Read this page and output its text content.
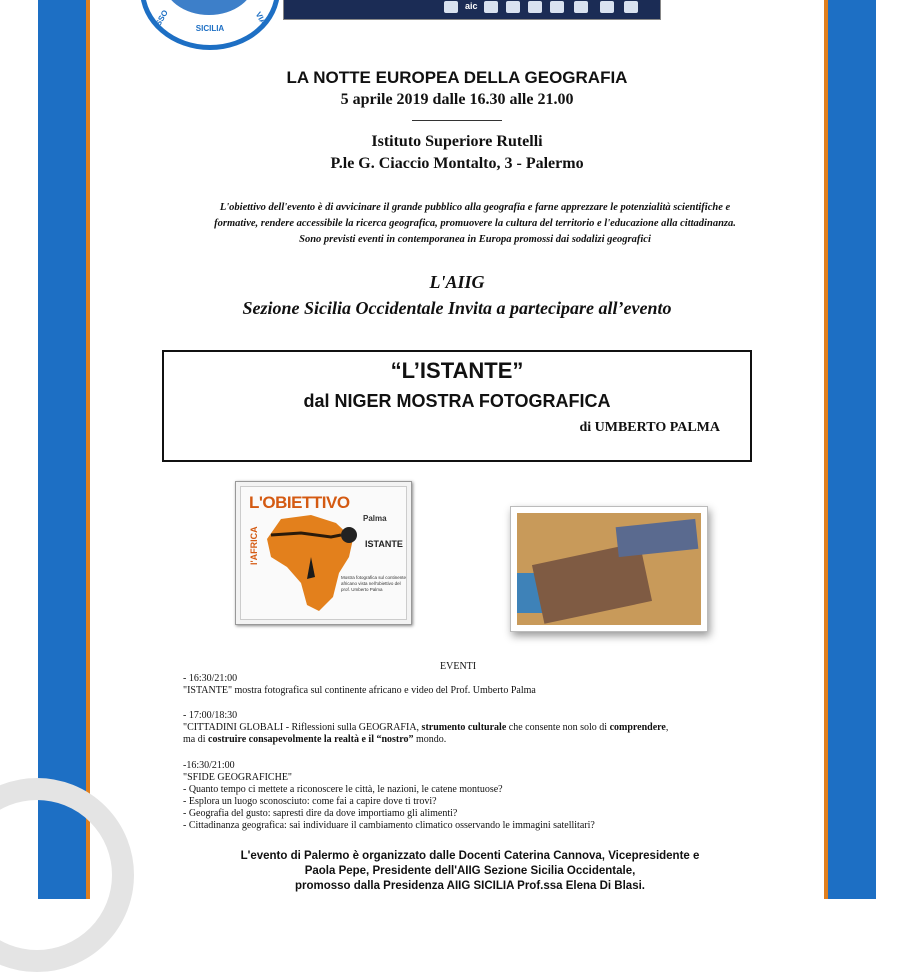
ASSO	VIAL
SICILIA
aic

LA NOTTE EUROPEA DELLA GEOGRAFIA

5 aprile 2019 dalle 16.30 alle 21.00

Istituto Superiore Rutelli

P.le G. Ciaccio Montalto, 3 - Palermo

L'obiettivo dell'evento è di avvicinare il grande pubblico alla geografia e farne apprezzare le potenzialità scientifiche e
formative, rendere accessibile la ricerca geografica, promuovere la cultura del territorio e l'educazione alla cittadinanza.
Sono previsti eventi in contemporanea in Europa promossi dai sodalizi geografici

L'AIIG

Sezione Sicilia Occidentale Invita a partecipare all’evento

“L’ISTANTE”
dal NIGER MOSTRA FOTOGRAFICA
di UMBERTO PALMA
L'OBIETTIVO
Palma
ISTANTE
l'AFRICA
Mostra fotografica sul continente africano vista nell'obiettivo del prof. Umberto Palma
EVENTI
- 16:30/21:00
"ISTANTE" mostra fotografica sul continente africano e video del Prof. Umberto Palma
- 17:00/18:30
"CITTADINI GLOBALI - Riflessioni sulla GEOGRAFIA, strumento culturale che consente non solo di comprendere,
ma di costruire consapevolmente la realtà e il “nostro” mondo.
-16:30/21:00
"SFIDE GEOGRAFICHE"
- Quanto tempo ci mettete a riconoscere le città, le nazioni, le catene montuose?
- Esplora un luogo sconosciuto: come fai a capire dove ti trovi?
- Geografia del gusto: sapresti dire da dove importiamo gli alimenti?
- Cittadinanza geografica: sai individuare il cambiamento climatico osservando le immagini satellitari?
L'evento di Palermo è organizzato dalle Docenti Caterina Cannova, Vicepresidente e
Paola Pepe, Presidente dell'AIIG Sezione Sicilia Occidentale,
promosso dalla Presidenza AIIG SICILIA Prof.ssa Elena Di Blasi.
